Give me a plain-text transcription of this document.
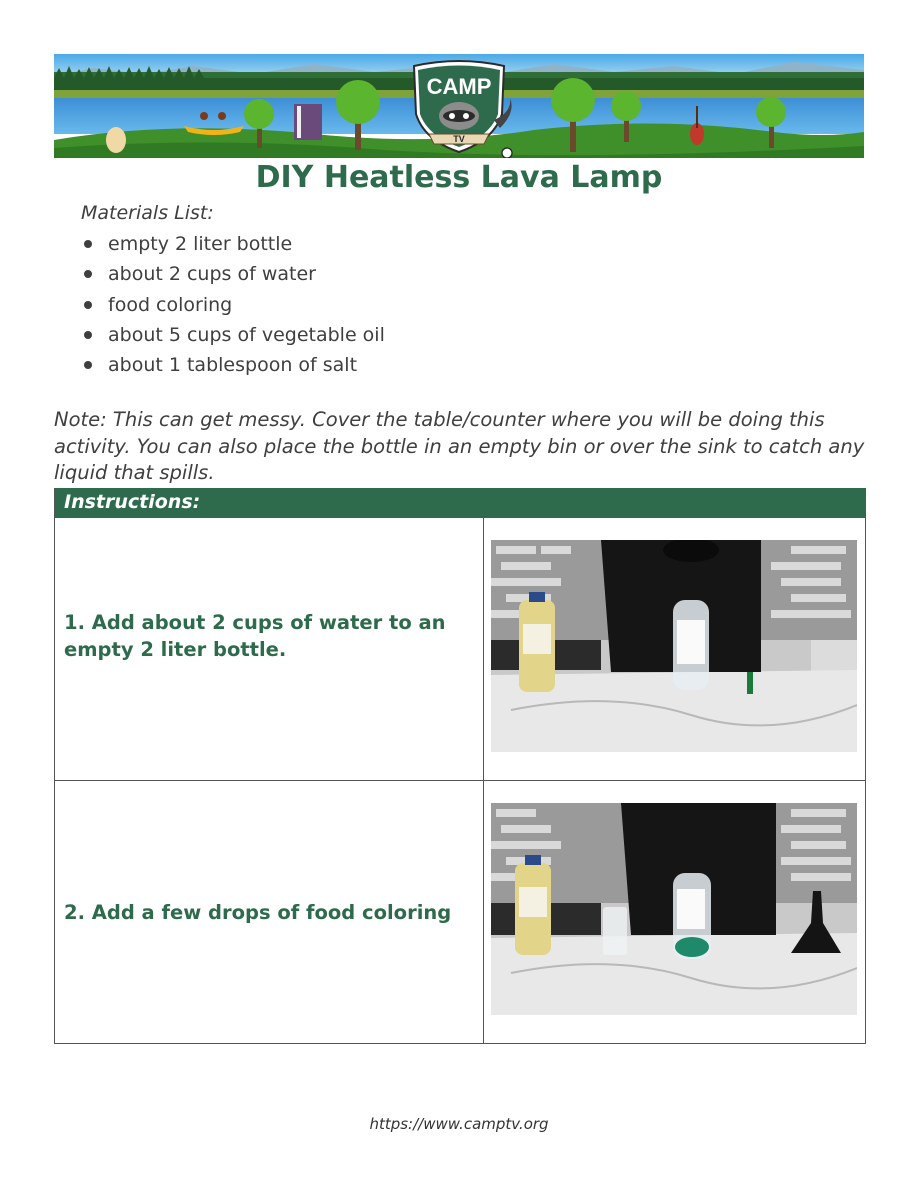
CAMP
TV
DIY Heatless Lava Lamp
Materials List:
empty 2 liter bottle
about 2 cups of water
food coloring
about 5 cups of vegetable oil
about 1 tablespoon of salt
Note: This can get messy. Cover the table/counter where you will be doing this activity. You can also place the bottle in an empty bin or over the sink to catch any liquid that spills.
Instructions:
1. Add about 2 cups of water to an empty 2 liter bottle.
2. Add a few drops of food coloring
https://www.camptv.org
